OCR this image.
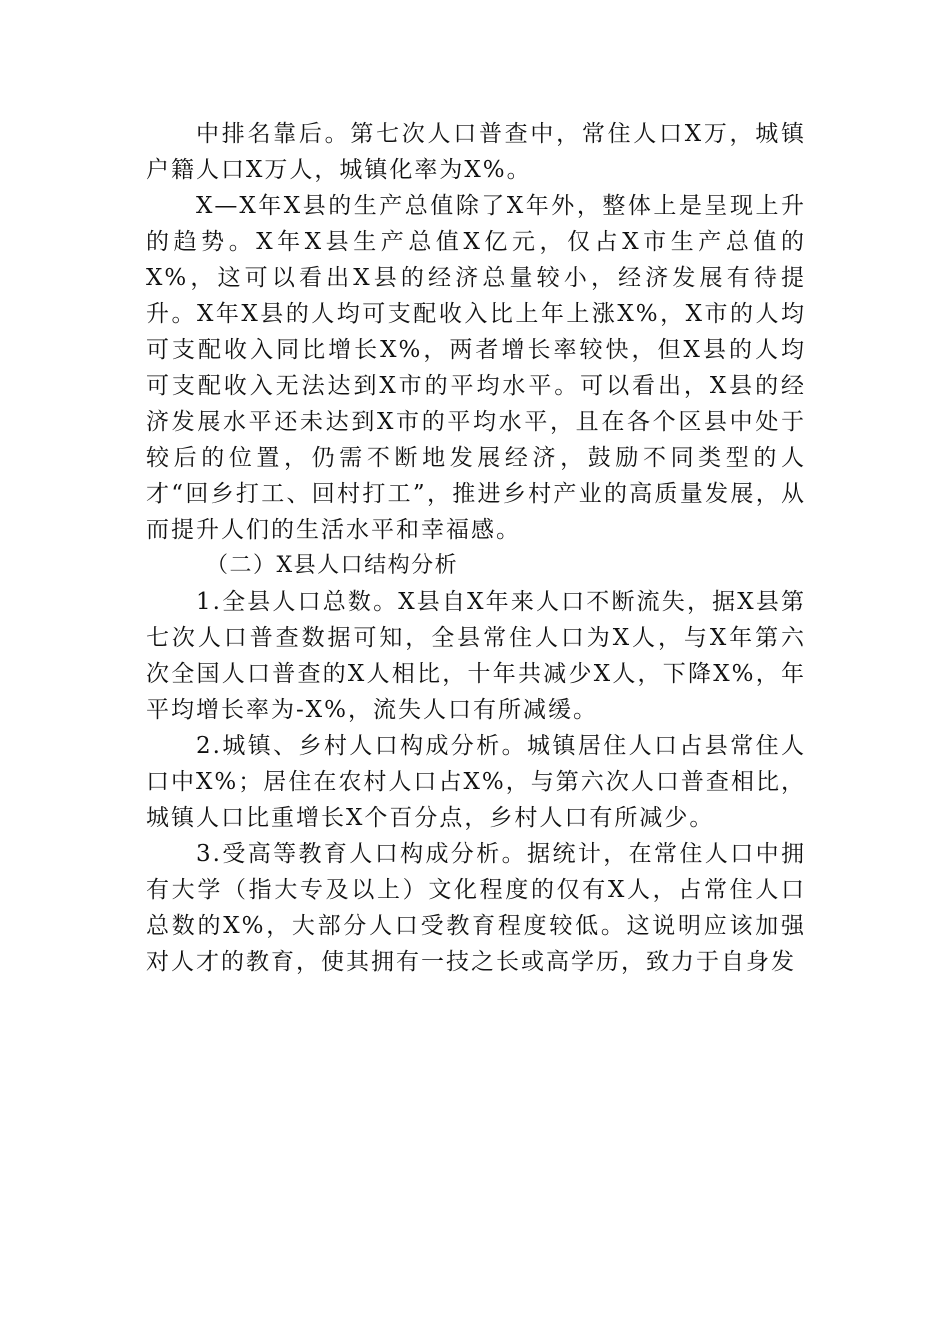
中排名靠后。第七次人口普查中，常住人口X万，城镇户籍人口X万人，城镇化率为X%。

X—X年X县的生产总值除了X年外，整体上是呈现上升的趋势。X年X县生产总值X亿元，仅占X市生产总值的X%，这可以看出X县的经济总量较小，经济发展有待提升。X年X县的人均可支配收入比上年上涨X%，X市的人均可支配收入同比增长X%，两者增长率较快，但X县的人均可支配收入无法达到X市的平均水平。可以看出，X县的经济发展水平还未达到X市的平均水平，且在各个区县中处于较后的位置，仍需不断地发展经济，鼓励不同类型的人才“回乡打工、回村打工”，推进乡村产业的高质量发展，从而提升人们的生活水平和幸福感。

（二）X县人口结构分析

1.全县人口总数。X县自X年来人口不断流失，据X县第七次人口普查数据可知，全县常住人口为X人，与X年第六次全国人口普查的X人相比，十年共减少X人，下降X%，年平均增长率为-X%，流失人口有所减缓。

2.城镇、乡村人口构成分析。城镇居住人口占县常住人口中X%；居住在农村人口占X%，与第六次人口普查相比，城镇人口比重增长X个百分点，乡村人口有所减少。

3.受高等教育人口构成分析。据统计，在常住人口中拥有大学（指大专及以上）文化程度的仅有X人，占常住人口总数的X%，大部分人口受教育程度较低。这说明应该加强对人才的教育，使其拥有一技之长或高学历，致力于自身发
